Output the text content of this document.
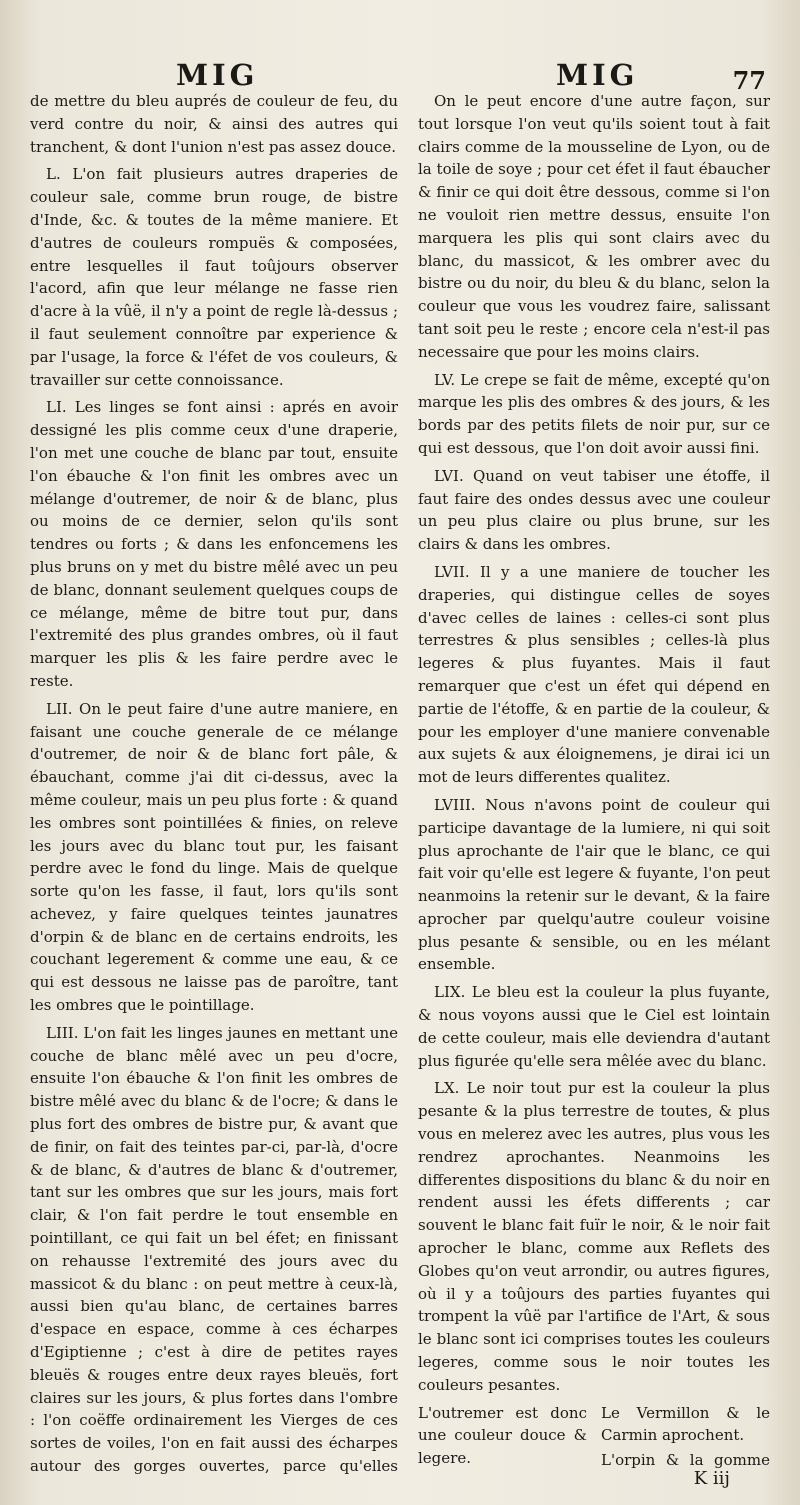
MIG	MIG	77

de mettre du bleu auprés de couleur de feu, du verd contre du noir, & ainsi des autres qui tranchent, & dont l'union n'est pas assez douce.

L. L'on fait plusieurs autres draperies de couleur sale, comme brun rouge, de bistre d'Inde, &c. & toutes de la même maniere. Et d'autres de couleurs rompuës & composées, entre lesquelles il faut toûjours observer l'acord, afin que leur mélange ne fasse rien d'acre à la vûë, il n'y a point de regle là-dessus ; il faut seulement connoître par experience & par l'usage, la force & l'éfet de vos couleurs, & travailler sur cette connoissance.

LI. Les linges se font ainsi : aprés en avoir dessigné les plis comme ceux d'une draperie, l'on met une couche de blanc par tout, ensuite l'on ébauche & l'on finit les ombres avec un mélange d'outremer, de noir & de blanc, plus ou moins de ce dernier, selon qu'ils sont tendres ou forts ; & dans les enfoncemens les plus bruns on y met du bistre mêlé avec un peu de blanc, donnant seulement quelques coups de ce mélange, même de bitre tout pur, dans l'extremité des plus grandes ombres, où il faut marquer les plis & les faire perdre avec le reste.

LII. On le peut faire d'une autre maniere, en faisant une couche generale de ce mélange d'outremer, de noir & de blanc fort pâle, & ébauchant, comme j'ai dit ci-dessus, avec la même couleur, mais un peu plus forte : & quand les ombres sont pointillées & finies, on releve les jours avec du blanc tout pur, les faisant perdre avec le fond du linge. Mais de quelque sorte qu'on les fasse, il faut, lors qu'ils sont achevez, y faire quelques teintes jaunatres d'orpin & de blanc en de certains endroits, les couchant legerement & comme une eau, & ce qui est dessous ne laisse pas de paroître, tant les ombres que le pointillage.

LIII. L'on fait les linges jaunes en mettant une couche de blanc mêlé avec un peu d'ocre, ensuite l'on ébauche & l'on finit les ombres de bistre mêlé avec du blanc & de l'ocre; & dans le plus fort des ombres de bistre pur, & avant que de finir, on fait des teintes par-ci, par-là, d'ocre & de blanc, & d'autres de blanc & d'outremer, tant sur les ombres que sur les jours, mais fort clair, & l'on fait perdre le tout ensemble en pointillant, ce qui fait un bel éfet; en finissant on rehausse l'extremité des jours avec du massicot & du blanc : on peut mettre à ceux-là, aussi bien qu'au blanc, de certaines barres d'espace en espace, comme à ces écharpes d'Egiptienne ; c'est à dire de petites rayes bleuës & rouges entre deux rayes bleuës, fort claires sur les jours, & plus fortes dans l'ombre : l'on coëffe ordinairement les Vierges de ces sortes de voiles, l'on en fait aussi des écharpes autour des gorges ouvertes, parce qu'elles

On le peut encore d'une autre façon, sur tout lorsque l'on veut qu'ils soient tout à fait clairs comme de la mousseline de Lyon, ou de la toile de soye ; pour cet éfet il faut ébaucher & finir ce qui doit être dessous, comme si l'on ne vouloit rien mettre dessus, ensuite l'on marquera les plis qui sont clairs avec du blanc, du massicot, & les ombrer avec du bistre ou du noir, du bleu & du blanc, selon la couleur que vous les voudrez faire, salissant tant soit peu le reste ; encore cela n'est-il pas necessaire que pour les moins clairs.

LV. Le crepe se fait de même, excepté qu'on marque les plis des ombres & des jours, & les bords par des petits filets de noir pur, sur ce qui est dessous, que l'on doit avoir aussi fini.

LVI. Quand on veut tabiser une étoffe, il faut faire des ondes dessus avec une couleur un peu plus claire ou plus brune, sur les clairs & dans les ombres.

LVII. Il y a une maniere de toucher les draperies, qui distingue celles de soyes d'avec celles de laines : celles-ci sont plus terrestres & plus sensibles ; celles-là plus legeres & plus fuyantes. Mais il faut remarquer que c'est un éfet qui dépend en partie de l'étoffe, & en partie de la couleur, & pour les employer d'une maniere convenable aux sujets & aux éloignemens, je dirai ici un mot de leurs differentes qualitez.

LVIII. Nous n'avons point de couleur qui participe davantage de la lumiere, ni qui soit plus aprochante de l'air que le blanc, ce qui fait voir qu'elle est legere & fuyante, l'on peut neanmoins la retenir sur le devant, & la faire aprocher par quelqu'autre couleur voisine plus pesante & sensible, ou en les mélant ensemble.

LIX. Le bleu est la couleur la plus fuyante, & nous voyons aussi que le Ciel est lointain de cette couleur, mais elle deviendra d'autant plus figurée qu'elle sera mêlée avec du blanc.

LX. Le noir tout pur est la couleur la plus pesante & la plus terrestre de toutes, & plus vous en melerez avec les autres, plus vous les rendrez aprochantes. Neanmoins les differentes dispositions du blanc & du noir en rendent aussi les éfets differents ; car souvent le blanc fait fuïr le noir, & le noir fait aprocher le blanc, comme aux Reflets des Globes qu'on veut arrondir, ou autres figures, où il y a toûjours des parties fuyantes qui trompent la vûë par l'artifice de l'Art, & sous le blanc sont ici comprises toutes les couleurs legeres, comme sous le noir toutes les couleurs pesantes.

L'outremer est donc une couleur douce & legere.
Le Vermillon & le Carmin aprochent.
L'orpin & la gomme

K iij
